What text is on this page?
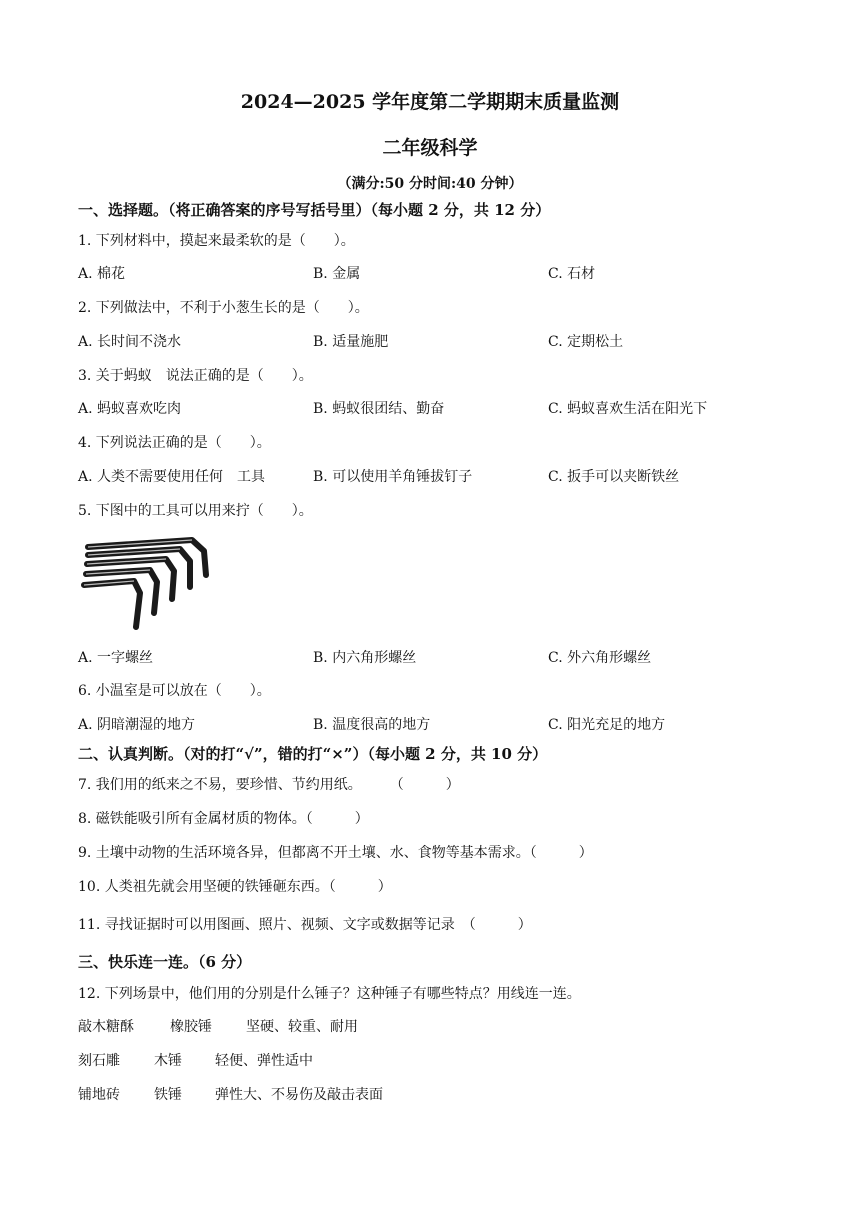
2024—2025 学年度第二学期期末质量监测
二年级科学
（满分:50 分时间:40 分钟）
一、选择题。（将正确答案的序号写括号里）（每小题 2 分，共 12 分）
1. 下列材料中，摸起来最柔软的是（　　）。
A. 棉花	B. 金属	C. 石材
2. 下列做法中，不利于小葱生长的是（　　）。
A. 长时间不浇水	B. 适量施肥	C. 定期松土
3. 关于蚂蚁　说法正确的是（　　）。
A. 蚂蚁喜欢吃肉	B. 蚂蚁很团结、勤奋	C. 蚂蚁喜欢生活在阳光下
4. 下列说法正确的是（　　）。
A. 人类不需要使用任何　工具	B. 可以使用羊角锤拔钉子	C. 扳手可以夹断铁丝
5. 下图中的工具可以用来拧（　　）。
A. 一字螺丝	B. 内六角形螺丝	C. 外六角形螺丝
6. 小温室是可以放在（　　）。
A. 阴暗潮湿的地方	B. 温度很高的地方	C. 阳光充足的地方
二、认真判断。（对的打“√”，错的打“×”）（每小题 2 分，共 10 分）
7. 我们用的纸来之不易，要珍惜、节约用纸。　　　（　　　）
8. 磁铁能吸引所有金属材质的物体。（　　　）
9. 土壤中动物的生活环境各异，但都离不开土壤、水、食物等基本需求。（　　　）
10. 人类祖先就会用坚硬的铁锤砸东西。（　　　）
11. 寻找证据时可以用图画、照片、视频、文字或数据等记录　（　　　）
三、快乐连一连。（6 分）
12. 下列场景中，他们用的分别是什么锤子？这种锤子有哪些特点？用线连一连。
敲木糖酥	橡胶锤 坚硬、较重、耐用
刻石雕 木锤 轻便、弹性适中
铺地砖 铁锤 弹性大、不易伤及敲击表面
